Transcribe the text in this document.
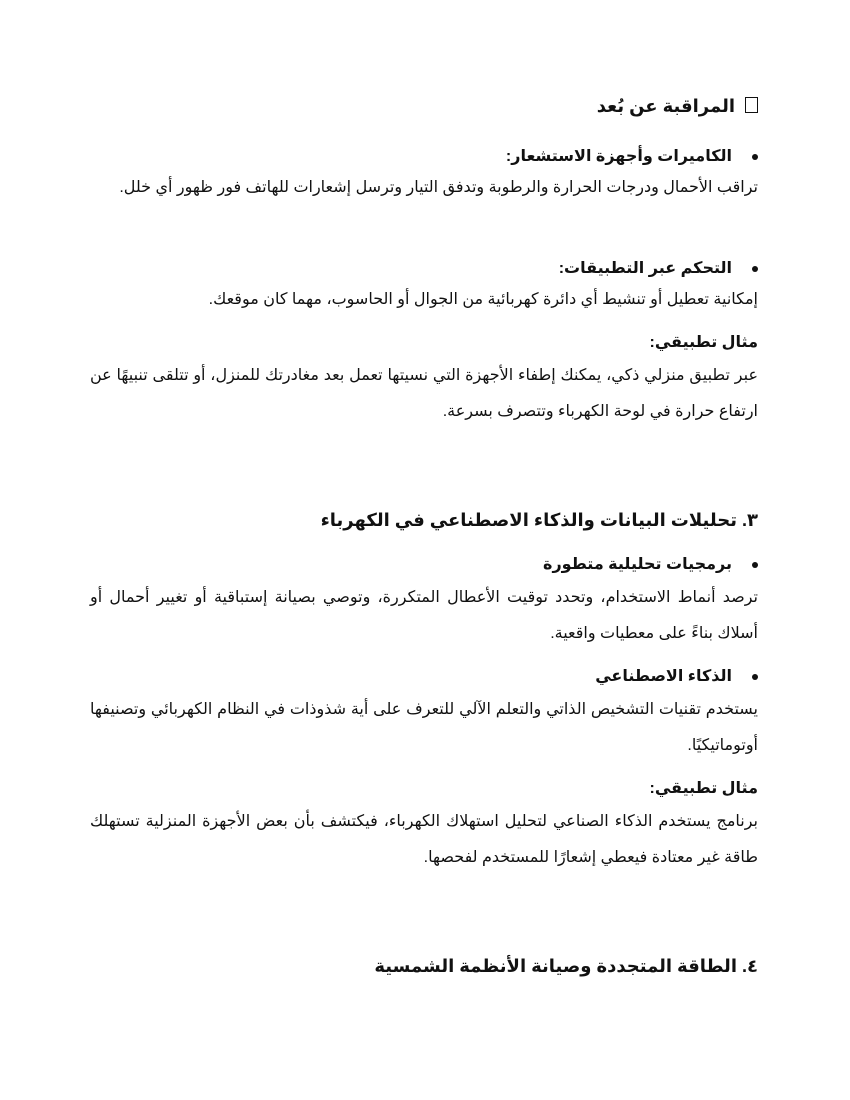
المراقبة عن بُعد
الكاميرات وأجهزة الاستشعار:
تراقب الأحمال ودرجات الحرارة والرطوبة وتدفق التيار وترسل إشعارات للهاتف فور ظهور أي خلل.
التحكم عبر التطبيقات:
إمكانية تعطيل أو تنشيط أي دائرة كهربائية من الجوال أو الحاسوب، مهما كان موقعك.
مثال تطبيقي:
عبر تطبيق منزلي ذكي، يمكنك إطفاء الأجهزة التي نسيتها تعمل بعد مغادرتك للمنزل، أو تتلقى تنبيهًا عن ارتفاع حرارة في لوحة الكهرباء وتتصرف بسرعة.
٣. تحليلات البيانات والذكاء الاصطناعي في الكهرباء
برمجيات تحليلية متطورة
ترصد أنماط الاستخدام، وتحدد توقيت الأعطال المتكررة، وتوصي بصيانة إستباقية أو تغيير أحمال أو أسلاك بناءً على معطيات واقعية.
الذكاء الاصطناعي
يستخدم تقنيات التشخيص الذاتي والتعلم الآلي للتعرف على أية شذوذات في النظام الكهربائي وتصنيفها أوتوماتيكيًا.
مثال تطبيقي:
برنامج يستخدم الذكاء الصناعي لتحليل استهلاك الكهرباء، فيكتشف بأن بعض الأجهزة المنزلية تستهلك طاقة غير معتادة فيعطي إشعارًا للمستخدم لفحصها.
٤. الطاقة المتجددة وصيانة الأنظمة الشمسية
